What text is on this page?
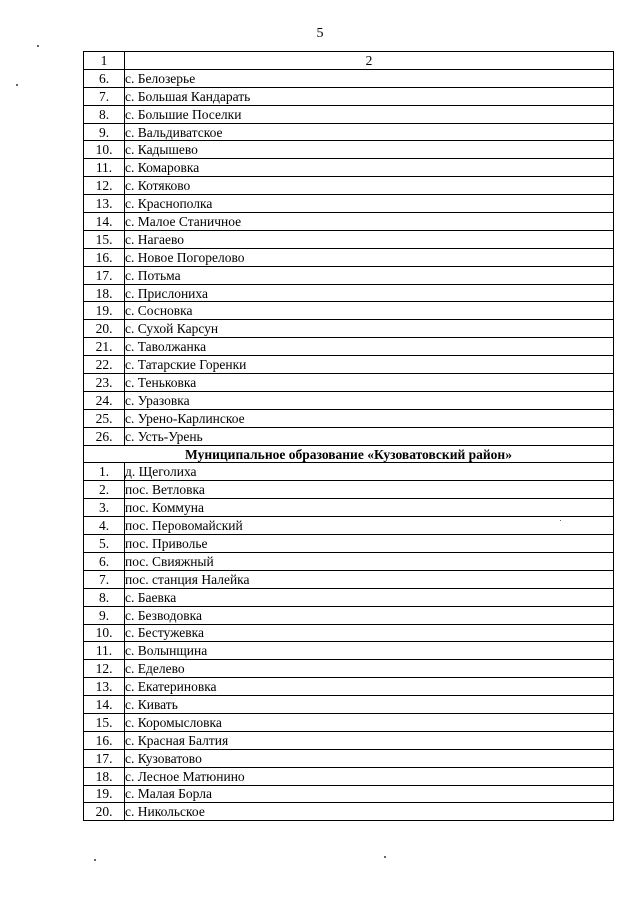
5
1	2
6.	с. Белозерье
7.	с. Большая Кандарать
8.	с. Большие Поселки
9.	с. Вальдиватское
10.	с. Кадышево
11.	с. Комаровка
12.	с. Котяково
13.	с. Краснополка
14.	с. Малое Станичное
15.	с. Нагаево
16.	с. Новое Погорелово
17.	с. Потьма
18.	с. Прислониха
19.	с. Сосновка
20.	с. Сухой Карсун
21.	с. Таволжанка
22.	с. Татарские Горенки
23.	с. Теньковка
24.	с. Уразовка
25.	с. Урено-Карлинское
26.	с. Усть-Урень
Муниципальное образование «Кузоватовский район»	
1.	д. Щеголиха
2.	пос. Ветловка
3.	пос. Коммуна
4.	пос. Перовомайский
5.	пос. Приволье
6.	пос. Свияжный
7.	пос. станция Налейка
8.	с. Баевка
9.	с. Безводовка
10.	с. Бестужевка
11.	с. Волынщина
12.	с. Еделево
13.	с. Екатериновка
14.	с. Кивать
15.	с. Коромысловка
16.	с. Красная Балтия
17.	с. Кузоватово
18.	с. Лесное Матюнино
19.	с. Малая Борла
20.	с. Никольское
